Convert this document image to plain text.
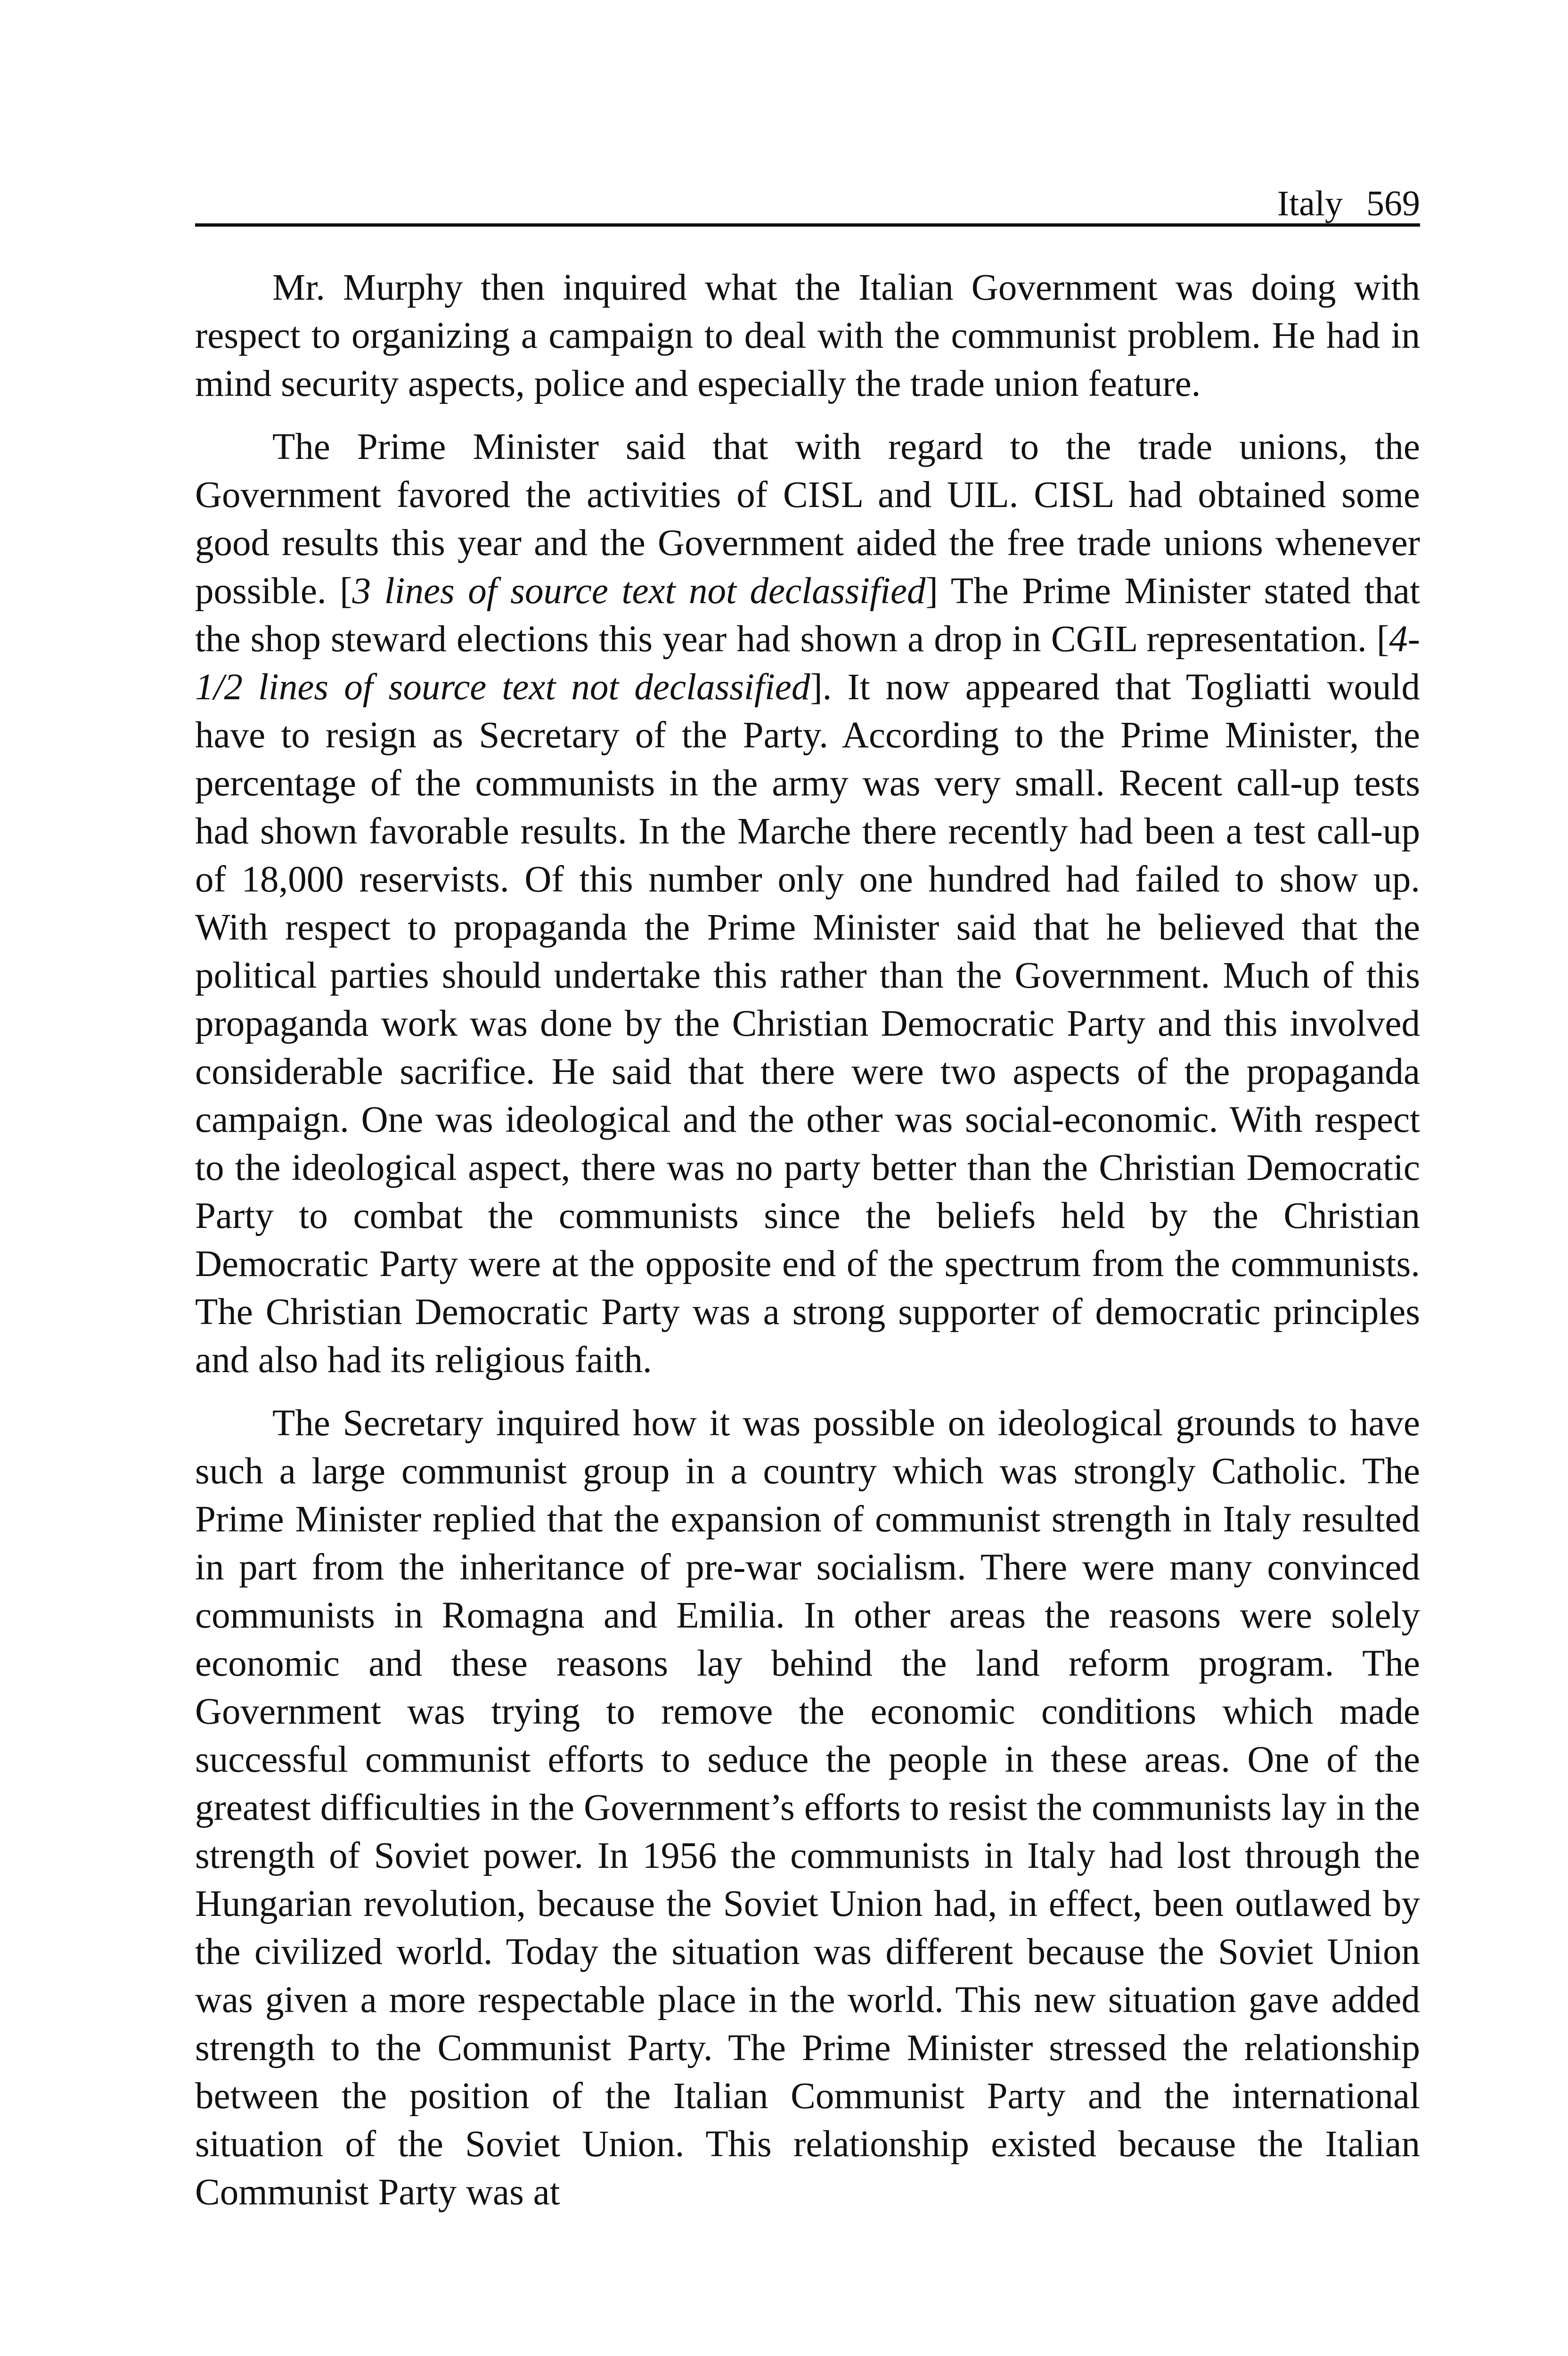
Italy 569

Mr. Murphy then inquired what the Italian Government was doing with respect to organizing a campaign to deal with the communist problem. He had in mind security aspects, police and especially the trade union feature.

The Prime Minister said that with regard to the trade unions, the Government favored the activities of CISL and UIL. CISL had obtained some good results this year and the Government aided the free trade unions whenever possible. [3 lines of source text not declassified] The Prime Minister stated that the shop steward elections this year had shown a drop in CGIL representation. [4-1/2 lines of source text not declassified]. It now appeared that Togliatti would have to resign as Secretary of the Party. According to the Prime Minister, the percentage of the communists in the army was very small. Recent call-up tests had shown favorable results. In the Marche there recently had been a test call-up of 18,000 reservists. Of this number only one hundred had failed to show up. With respect to propaganda the Prime Minister said that he believed that the political parties should undertake this rather than the Government. Much of this propaganda work was done by the Christian Democratic Party and this involved considerable sacrifice. He said that there were two aspects of the propaganda campaign. One was ideological and the other was social-economic. With respect to the ideological aspect, there was no party better than the Christian Democratic Party to combat the communists since the beliefs held by the Christian Democratic Party were at the opposite end of the spectrum from the communists. The Christian Democratic Party was a strong supporter of democratic principles and also had its religious faith.

The Secretary inquired how it was possible on ideological grounds to have such a large communist group in a country which was strongly Catholic. The Prime Minister replied that the expansion of communist strength in Italy resulted in part from the inheritance of pre-war socialism. There were many convinced communists in Romagna and Emilia. In other areas the reasons were solely economic and these reasons lay behind the land reform program. The Government was trying to remove the economic conditions which made successful communist efforts to seduce the people in these areas. One of the greatest difficulties in the Government’s efforts to resist the communists lay in the strength of Soviet power. In 1956 the communists in Italy had lost through the Hungarian revolution, because the Soviet Union had, in effect, been outlawed by the civilized world. Today the situation was different because the Soviet Union was given a more respectable place in the world. This new situation gave added strength to the Communist Party. The Prime Minister stressed the relationship between the position of the Italian Communist Party and the international situation of the Soviet Union. This relationship existed because the Italian Communist Party was at
